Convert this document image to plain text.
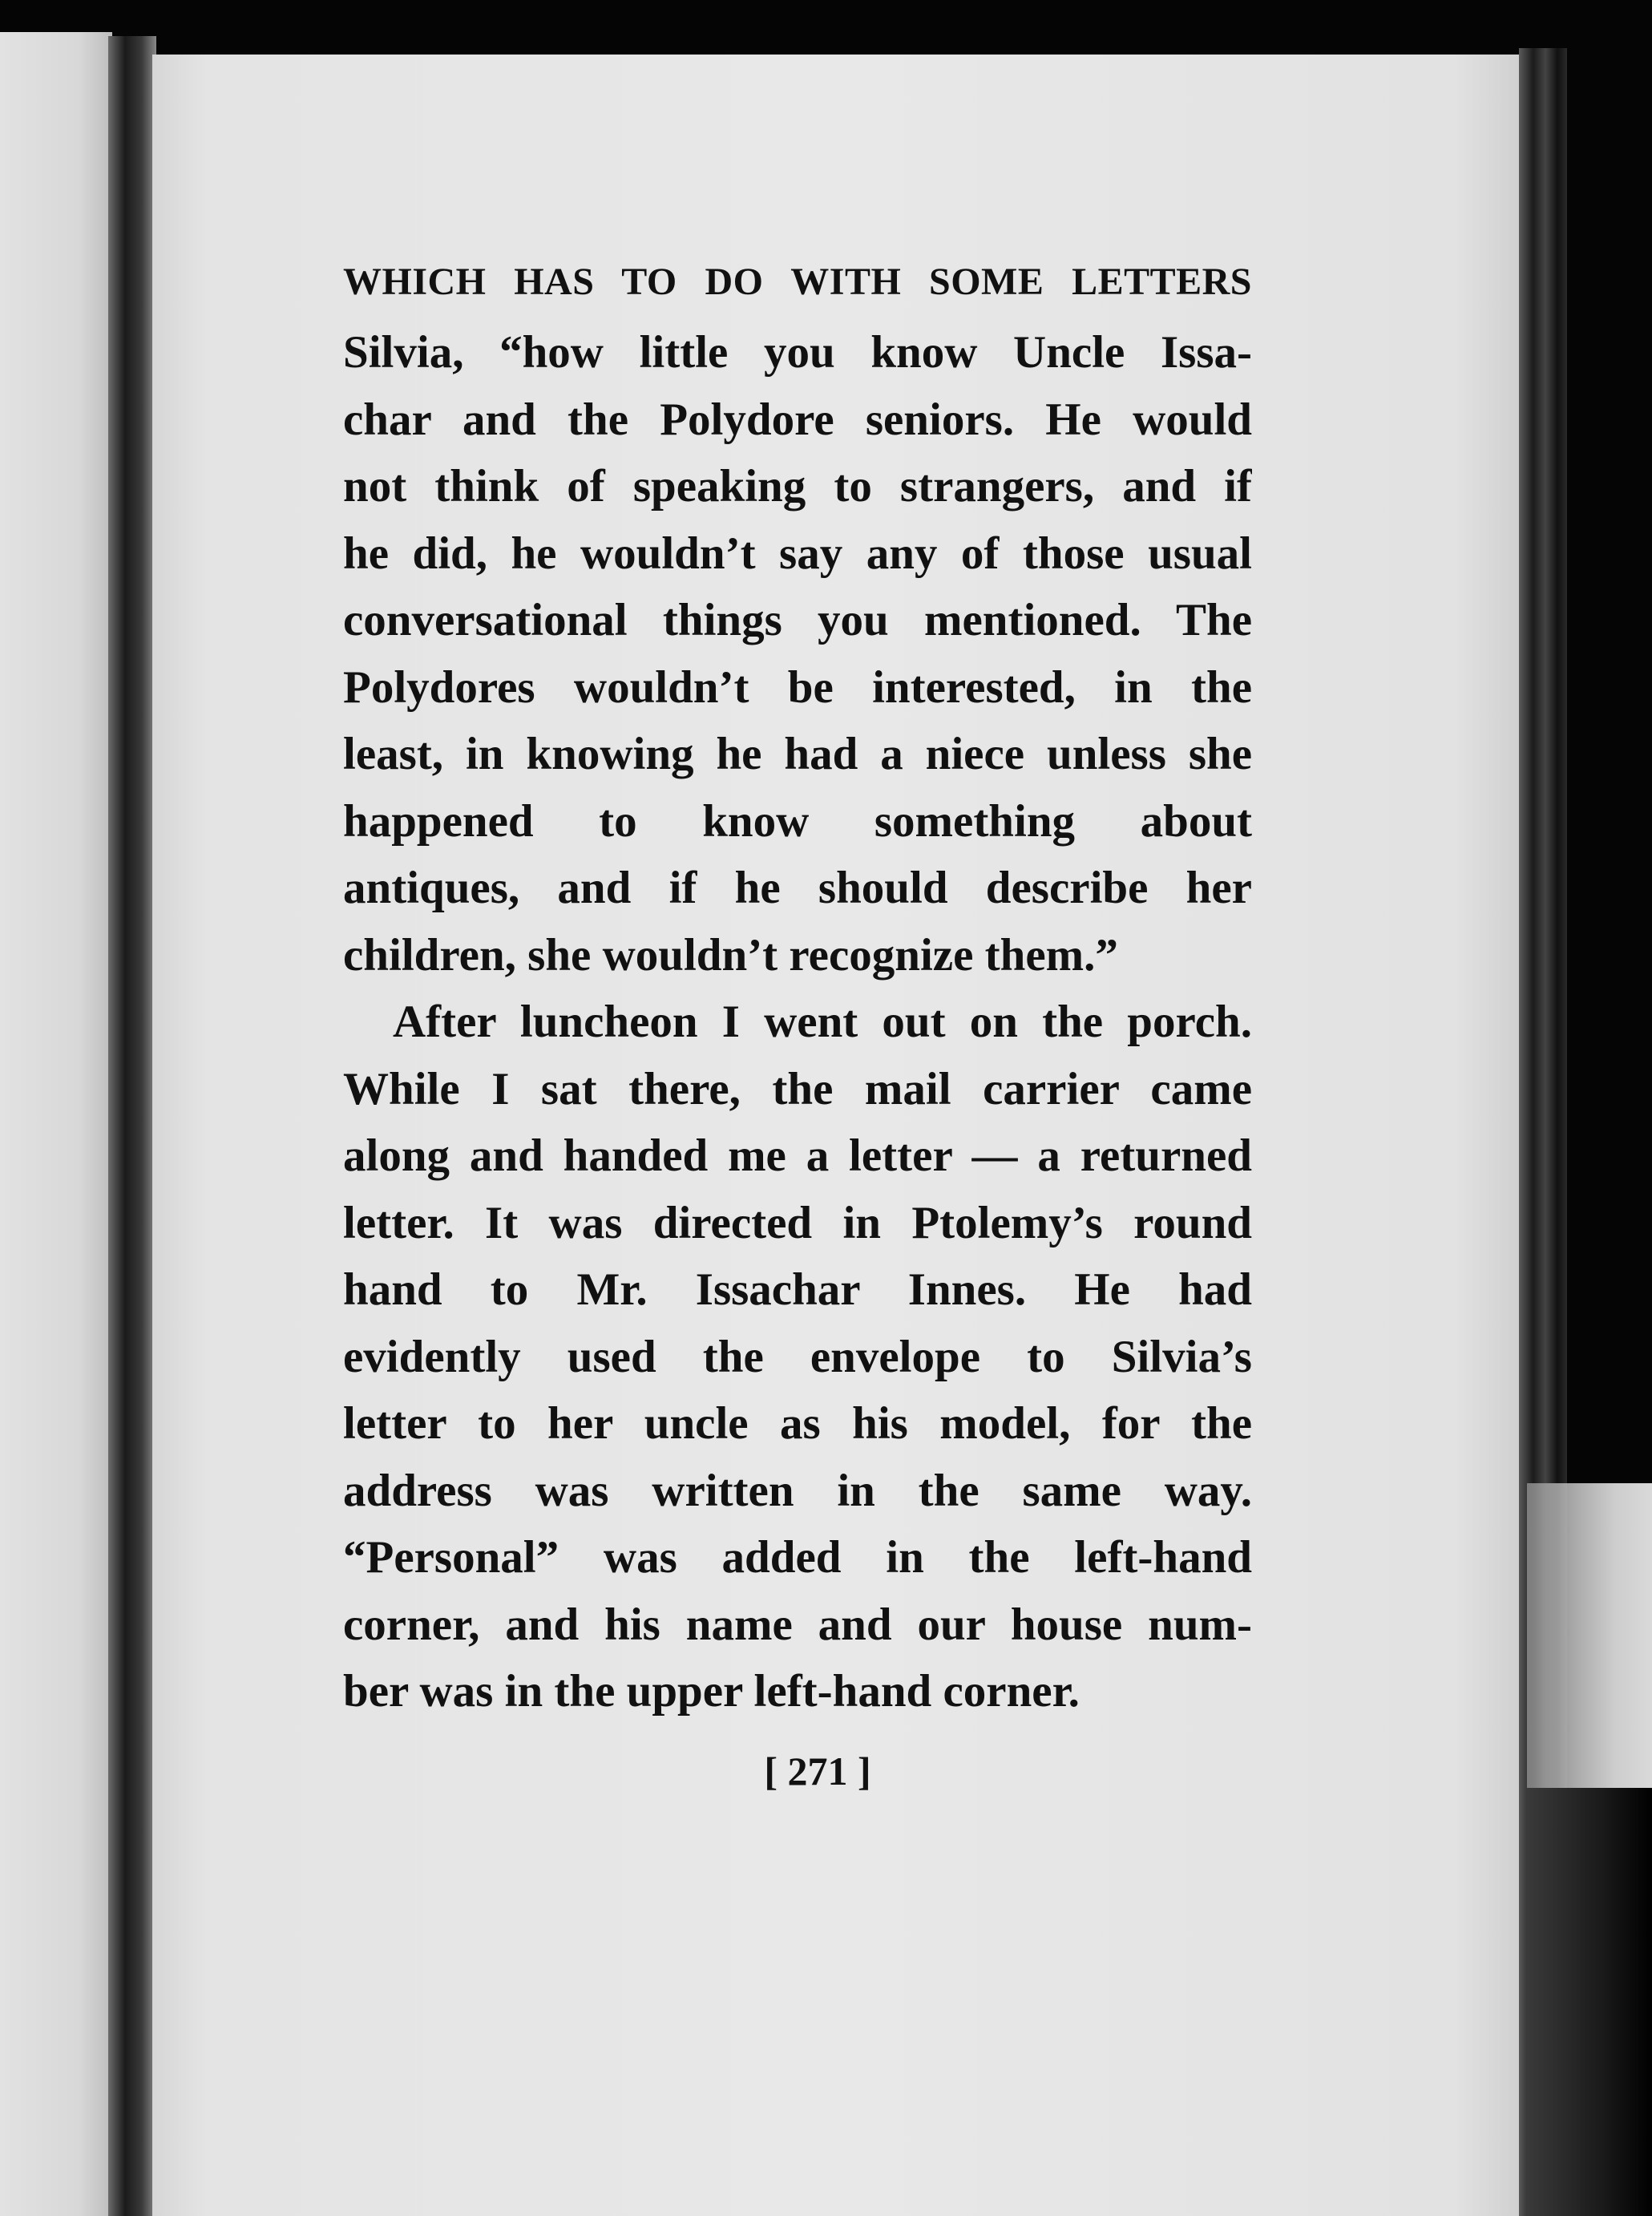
WHICH HAS TO DO WITH SOME LETTERS
Silvia, “how little you know Uncle Issa-
char and the Polydore seniors. He would
not think of speaking to strangers, and if
he did, he wouldn’t say any of those usual
conversational things you mentioned. The
Polydores wouldn’t be interested, in the
least, in knowing he had a niece unless she
happened to know something about
antiques, and if he should describe her
children, she wouldn’t recognize them.”
After luncheon I went out on the porch.
While I sat there, the mail carrier came
along and handed me a letter — a returned
letter. It was directed in Ptolemy’s round
hand to Mr. Issachar Innes. He had
evidently used the envelope to Silvia’s
letter to her uncle as his model, for the
address was written in the same way.
“Personal” was added in the left-hand
corner, and his name and our house num-
ber was in the upper left-hand corner.
[ 271 ]
